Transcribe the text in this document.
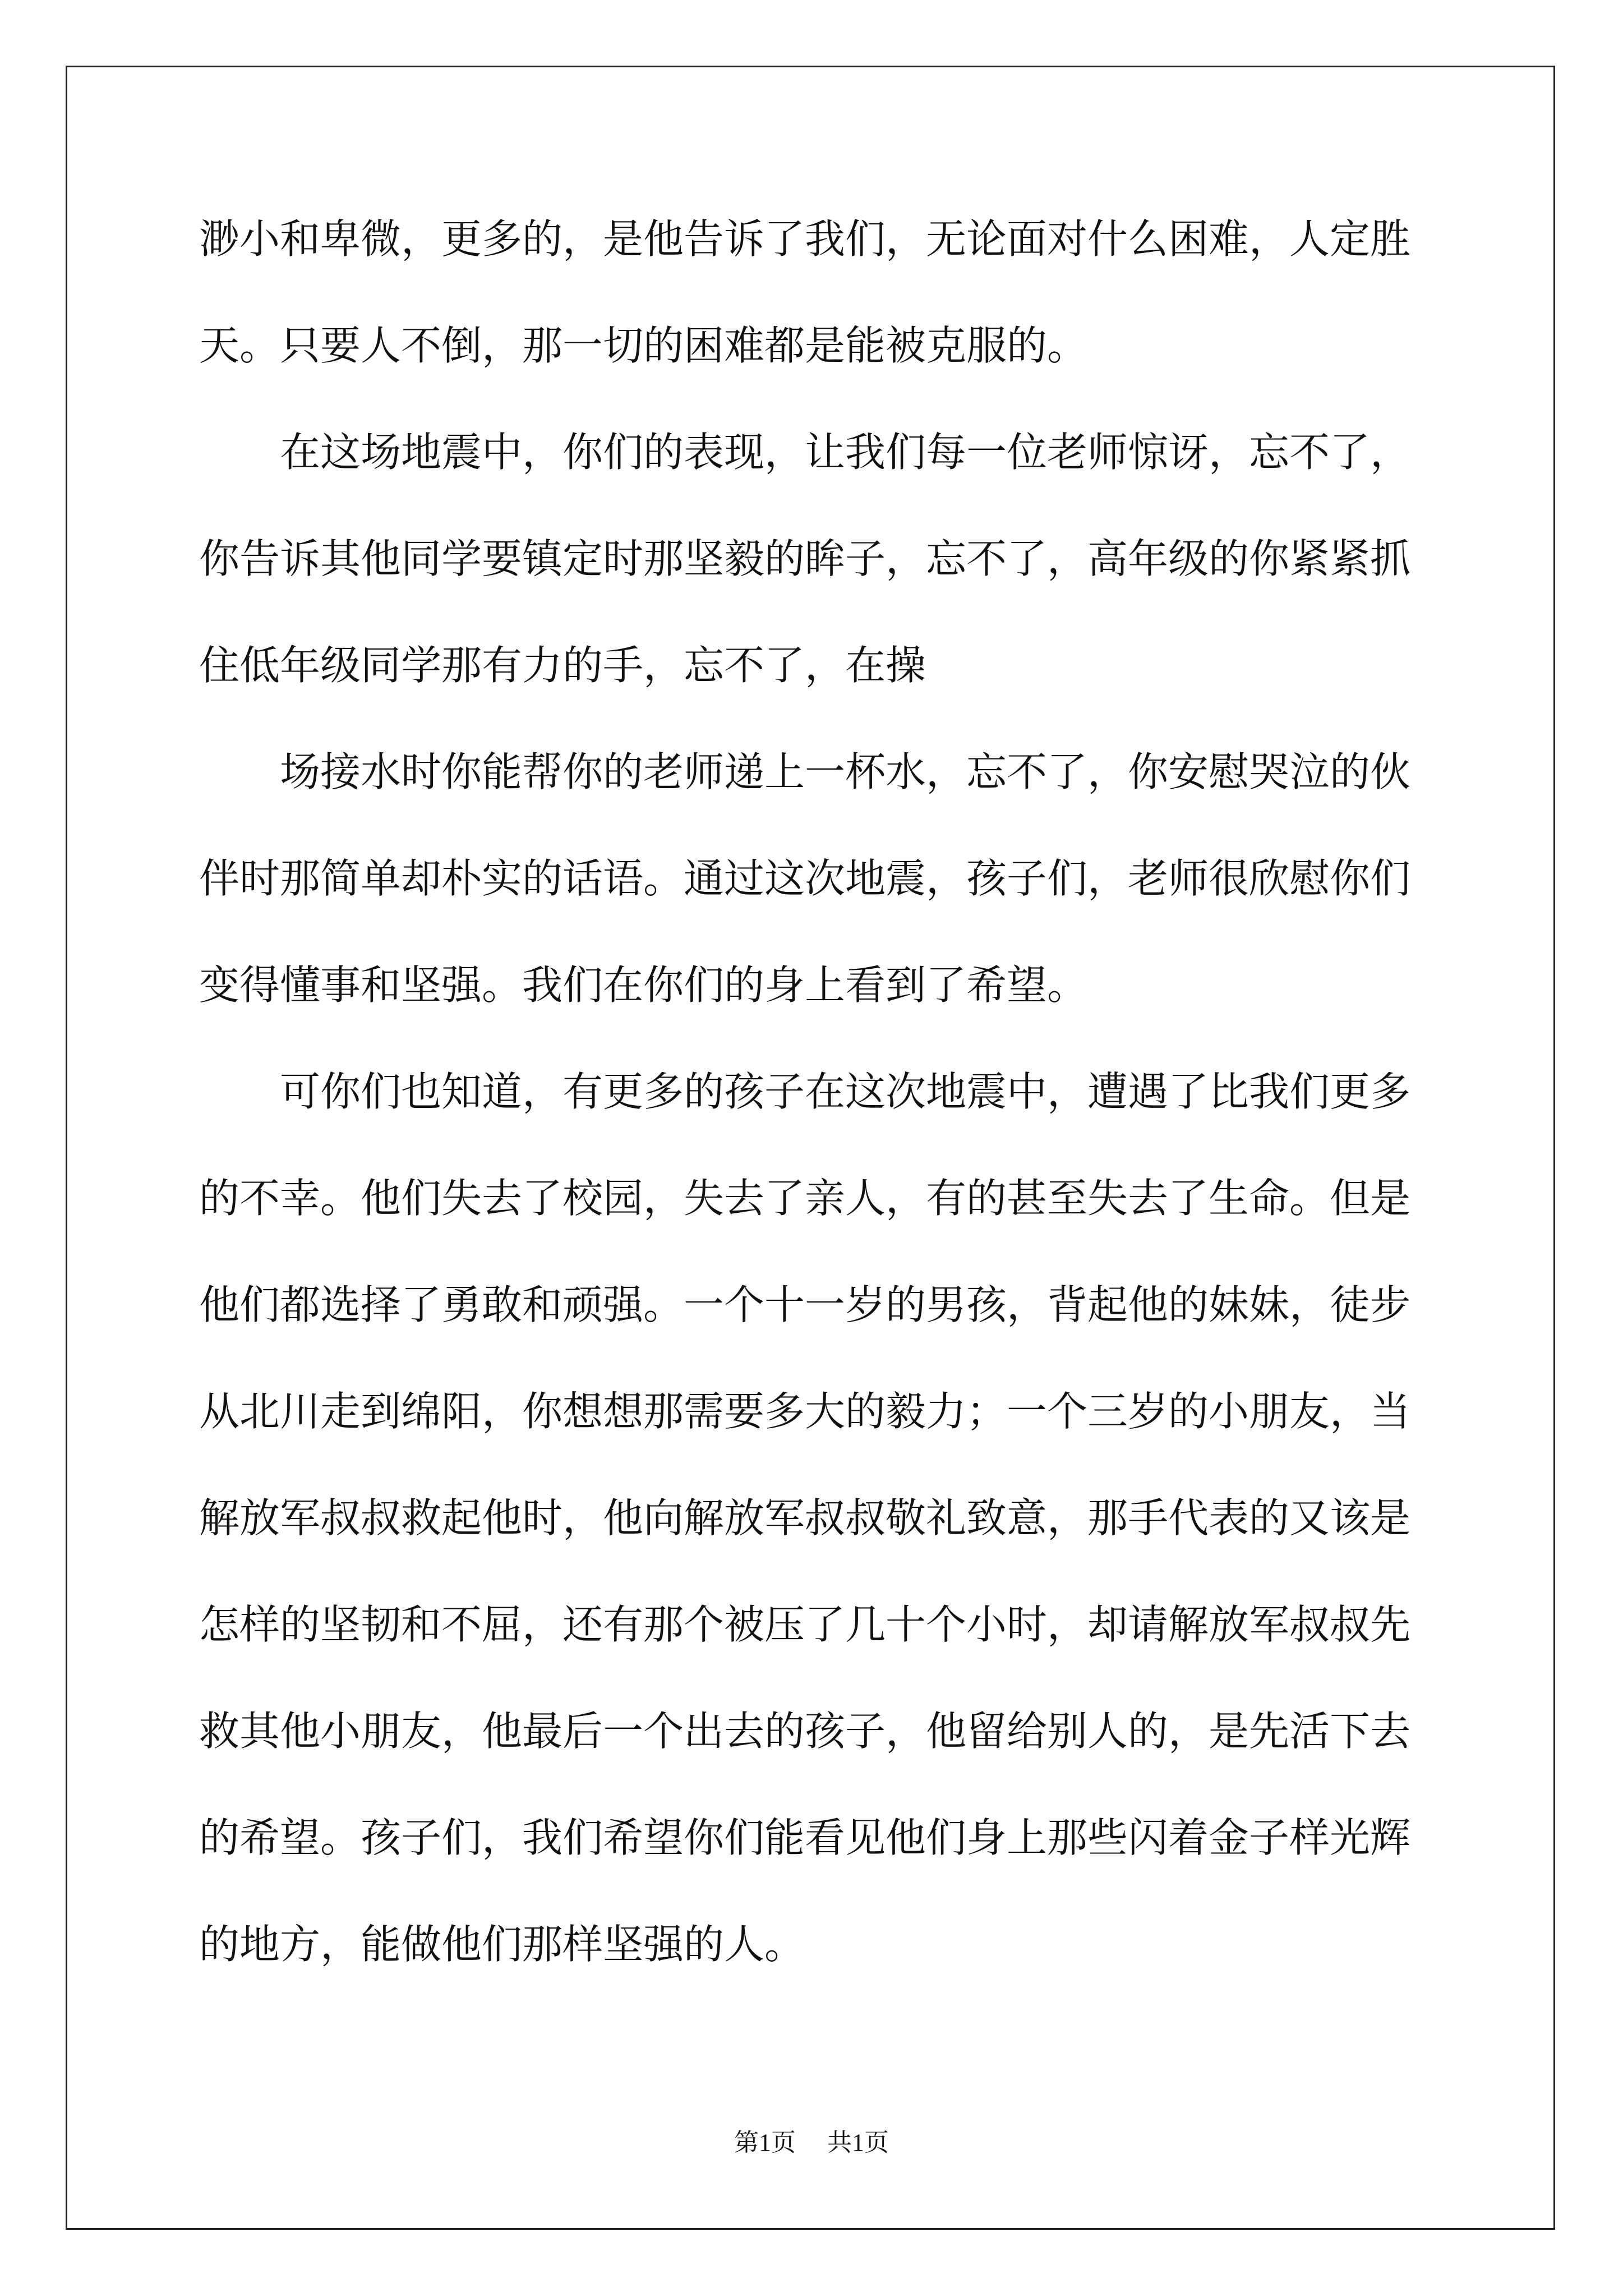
渺小和卑微，更多的，是他告诉了我们，无论面对什么困难，人定胜
天。只要人不倒，那一切的困难都是能被克服的。
　　在这场地震中，你们的表现，让我们每一位老师惊讶，忘不了，
你告诉其他同学要镇定时那坚毅的眸子，忘不了，高年级的你紧紧抓
住低年级同学那有力的手，忘不了，在操
　　场接水时你能帮你的老师递上一杯水，忘不了，你安慰哭泣的伙
伴时那简单却朴实的话语。通过这次地震，孩子们，老师很欣慰你们
变得懂事和坚强。我们在你们的身上看到了希望。
　　可你们也知道，有更多的孩子在这次地震中，遭遇了比我们更多
的不幸。他们失去了校园，失去了亲人，有的甚至失去了生命。但是
他们都选择了勇敢和顽强。一个十一岁的男孩，背起他的妹妹，徒步
从北川走到绵阳，你想想那需要多大的毅力；一个三岁的小朋友，当
解放军叔叔救起他时，他向解放军叔叔敬礼致意，那手代表的又该是
怎样的坚韧和不屈，还有那个被压了几十个小时，却请解放军叔叔先
救其他小朋友，他最后一个出去的孩子，他留给别人的，是先活下去
的希望。孩子们，我们希望你们能看见他们身上那些闪着金子样光辉
的地方，能做他们那样坚强的人。
第1页 共1页
